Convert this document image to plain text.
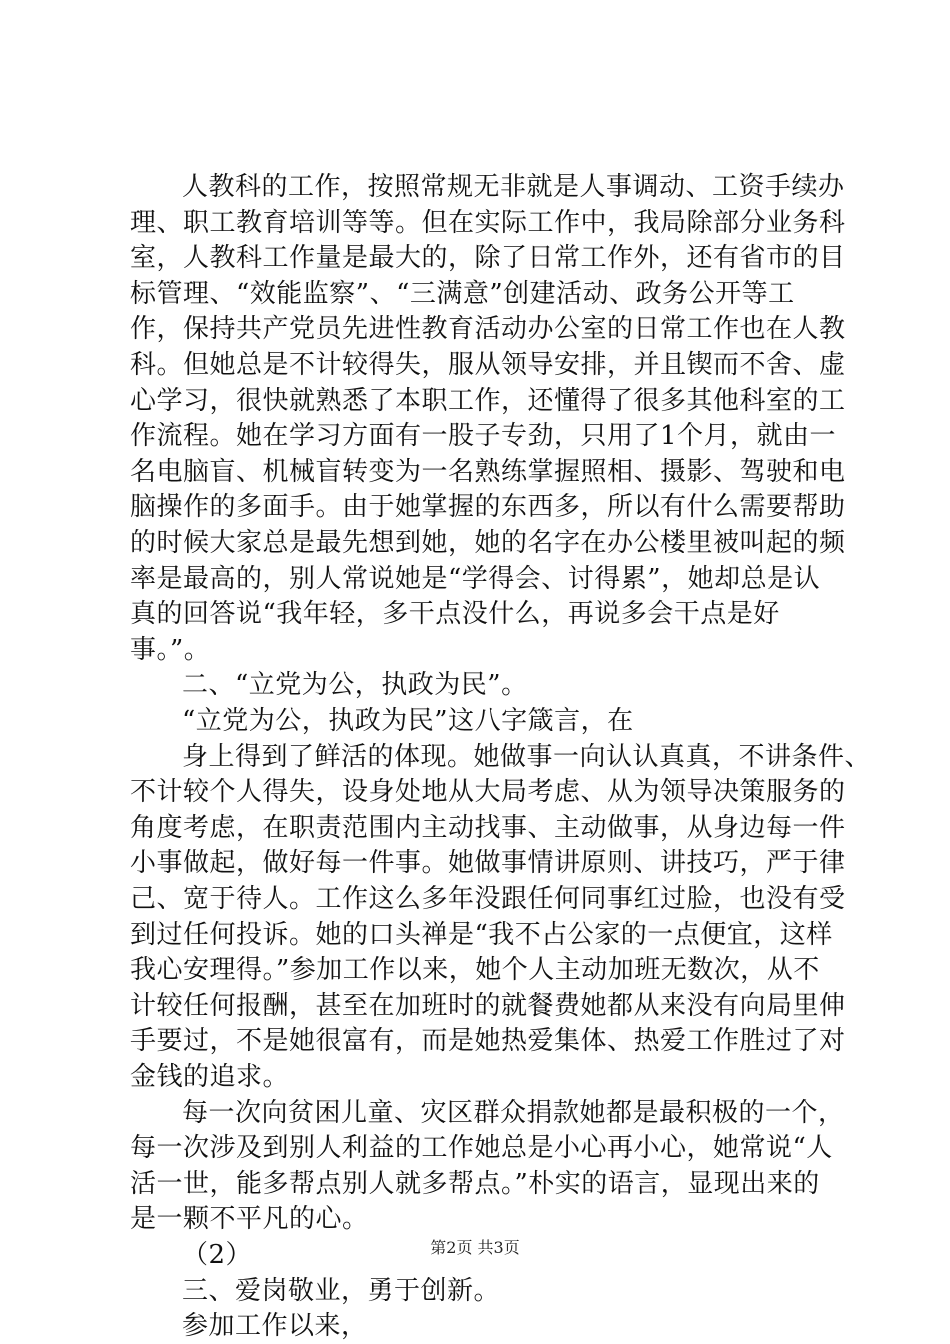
人教科的工作，按照常规无非就是人事调动、工资手续办
理、职工教育培训等等。但在实际工作中，我局除部分业务科
室，人教科工作量是最大的，除了日常工作外，还有省市的目
标管理、“效能监察”、“三满意”创建活动、政务公开等工
作，保持共产党员先进性教育活动办公室的日常工作也在人教
科。但她总是不计较得失，服从领导安排，并且锲而不舍、虚
心学习，很快就熟悉了本职工作，还懂得了很多其他科室的工
作流程。她在学习方面有一股子专劲，只用了1个月，就由一
名电脑盲、机械盲转变为一名熟练掌握照相、摄影、驾驶和电
脑操作的多面手。由于她掌握的东西多，所以有什么需要帮助
的时候大家总是最先想到她，她的名字在办公楼里被叫起的频
率是最高的，别人常说她是“学得会、讨得累”，她却总是认
真的回答说“我年轻，多干点没什么，再说多会干点是好
事。”。
二、“立党为公，执政为民”。
“立党为公，执政为民”这八字箴言，在
身上得到了鲜活的体现。她做事一向认认真真，不讲条件、
不计较个人得失，设身处地从大局考虑、从为领导决策服务的
角度考虑，在职责范围内主动找事、主动做事，从身边每一件
小事做起，做好每一件事。她做事情讲原则、讲技巧，严于律
己、宽于待人。工作这么多年没跟任何同事红过脸，也没有受
到过任何投诉。她的口头禅是“我不占公家的一点便宜，这样
我心安理得。”参加工作以来，她个人主动加班无数次，从不
计较任何报酬，甚至在加班时的就餐费她都从来没有向局里伸
手要过，不是她很富有，而是她热爱集体、热爱工作胜过了对
金钱的追求。
每一次向贫困儿童、灾区群众捐款她都是最积极的一个，
每一次涉及到别人利益的工作她总是小心再小心，她常说“人
活一世，能多帮点别人就多帮点。”朴实的语言，显现出来的
是一颗不平凡的心。
（2）
三、爱岗敬业，勇于创新。
参加工作以来，
第2页 共3页
